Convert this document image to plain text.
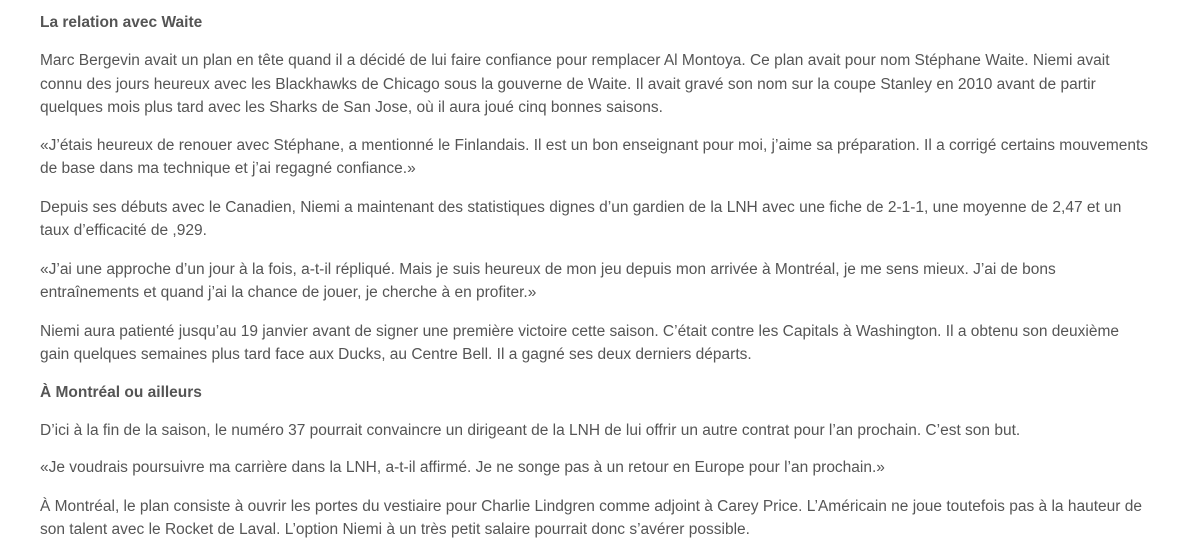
La relation avec Waite

Marc Bergevin avait un plan en tête quand il a décidé de lui faire confiance pour remplacer Al Montoya. Ce plan avait pour nom Stéphane Waite. Niemi avait connu des jours heureux avec les Blackhawks de Chicago sous la gouverne de Waite. Il avait gravé son nom sur la coupe Stanley en 2010 avant de partir quelques mois plus tard avec les Sharks de San Jose, où il aura joué cinq bonnes saisons.

«J’étais heureux de renouer avec Stéphane, a mentionné le Finlandais. Il est un bon enseignant pour moi, j’aime sa préparation. Il a corrigé certains mouvements de base dans ma technique et j’ai regagné confiance.»

Depuis ses débuts avec le Canadien, Niemi a maintenant des statistiques dignes d’un gardien de la LNH avec une fiche de 2-1-1, une moyenne de 2,47 et un taux d’efficacité de ,929.

«J’ai une approche d’un jour à la fois, a-t-il répliqué. Mais je suis heureux de mon jeu depuis mon arrivée à Montréal, je me sens mieux. J’ai de bons entraînements et quand j’ai la chance de jouer, je cherche à en profiter.»

Niemi aura patienté jusqu’au 19 janvier avant de signer une première victoire cette saison. C’était contre les Capitals à Washington. Il a obtenu son deuxième gain quelques semaines plus tard face aux Ducks, au Centre Bell. Il a gagné ses deux derniers départs.

À Montréal ou ailleurs

D’ici à la fin de la saison, le numéro 37 pourrait convaincre un dirigeant de la LNH de lui offrir un autre contrat pour l’an prochain. C’est son but.

«Je voudrais poursuivre ma carrière dans la LNH, a-t-il affirmé. Je ne songe pas à un retour en Europe pour l’an prochain.»

À Montréal, le plan consiste à ouvrir les portes du vestiaire pour Charlie Lindgren comme adjoint à Carey Price. L’Américain ne joue toutefois pas à la hauteur de son talent avec le Rocket de Laval. L’option Niemi à un très petit salaire pourrait donc s’avérer possible.
